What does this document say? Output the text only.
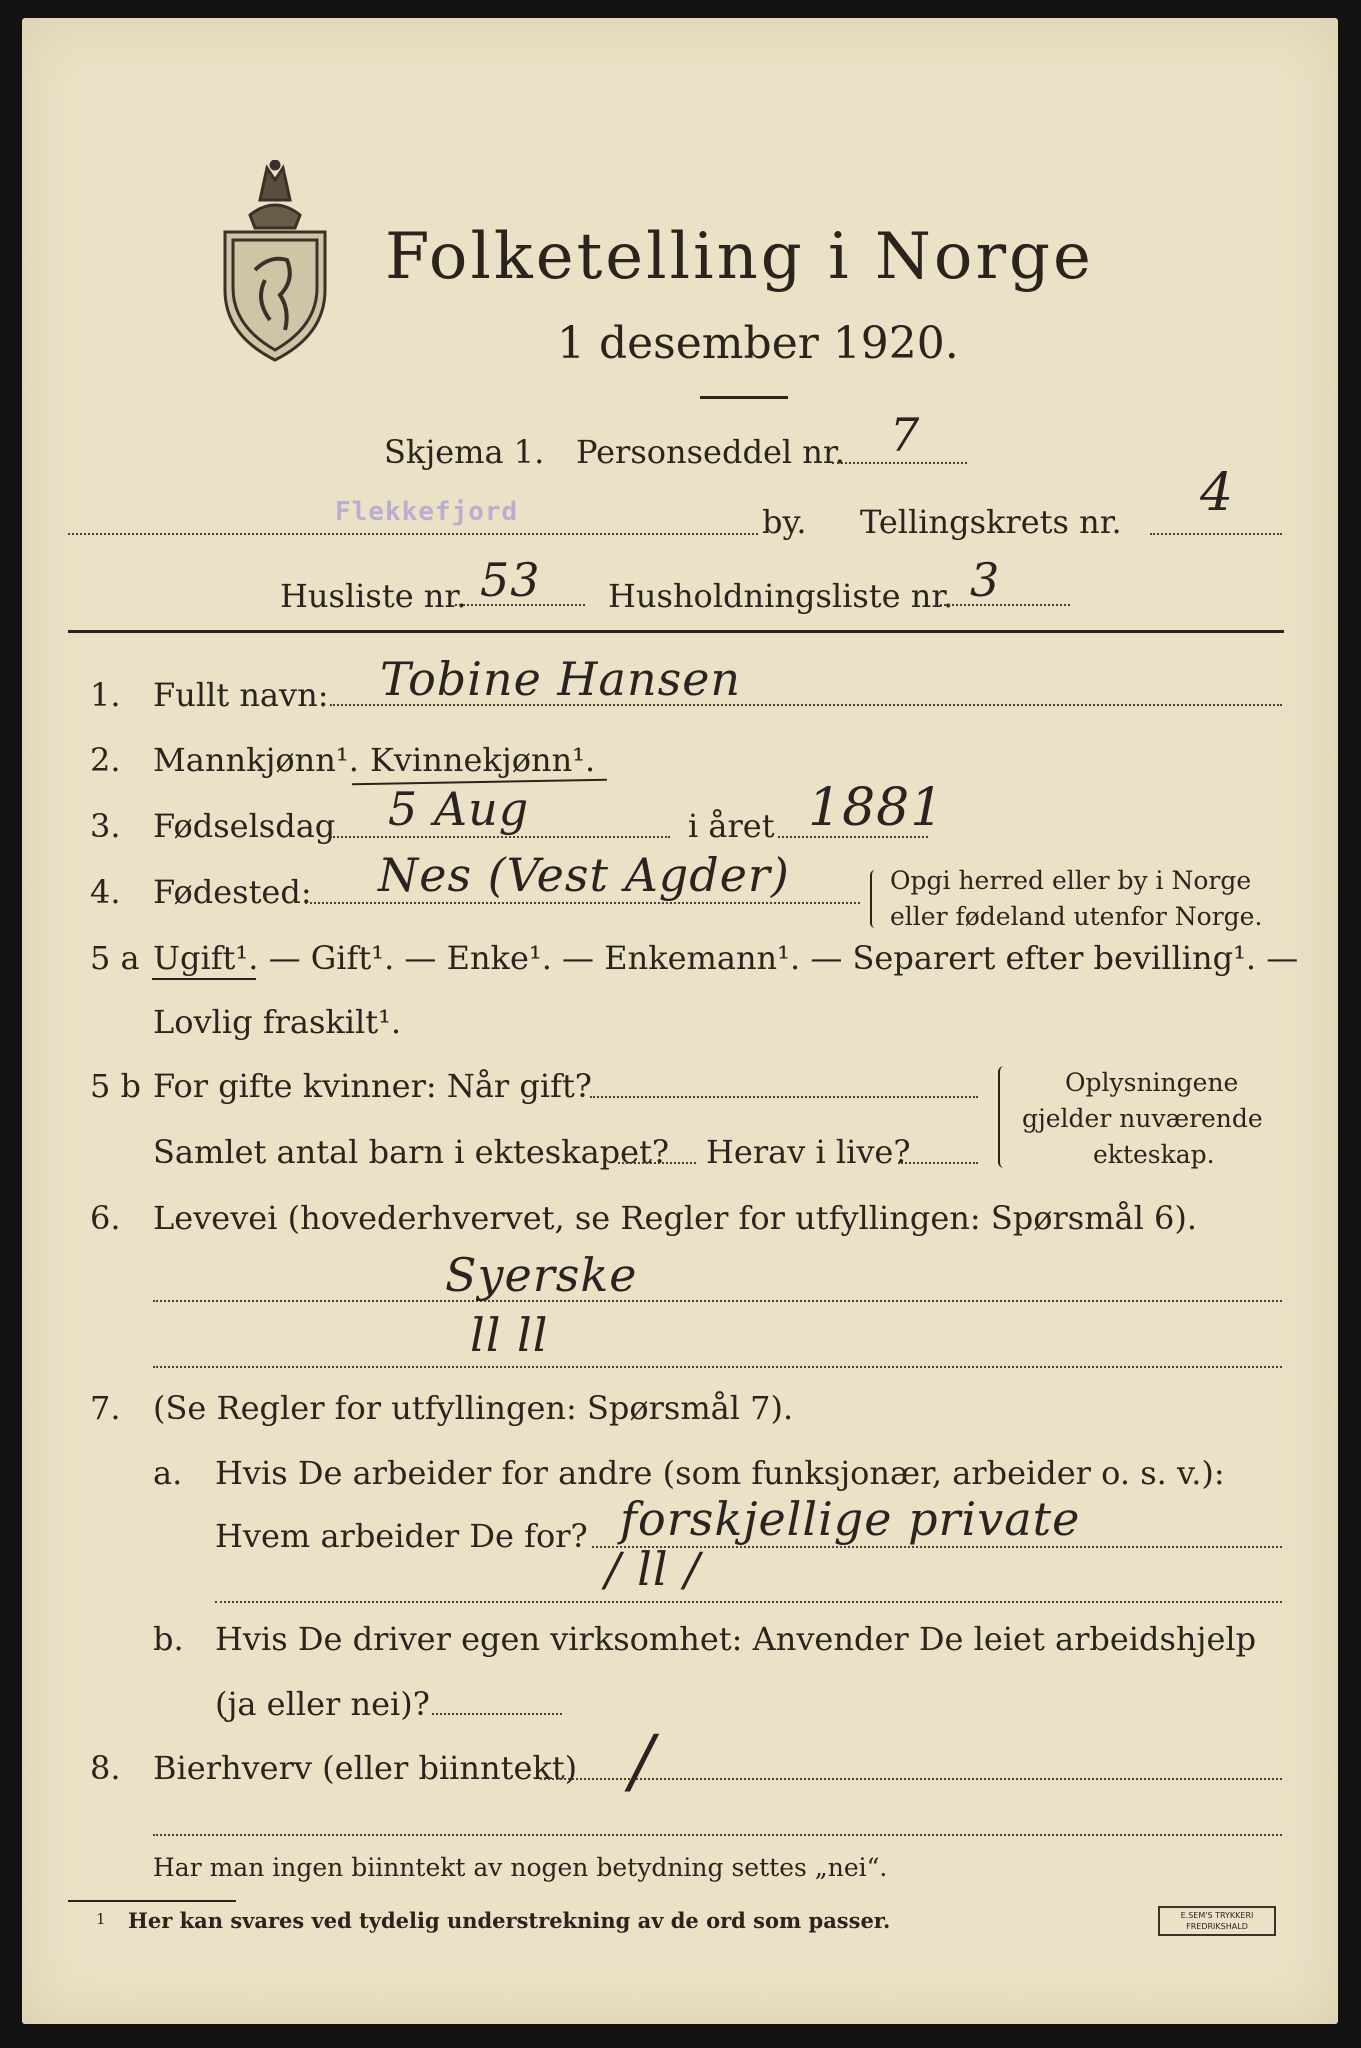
Folketelling i Norge
1 desember 1920.
Skjema 1. Personseddel nr. 7
Flekkefjord	by. Tellingskrets nr. 4
Husliste nr. 53 Husholdningsliste nr. 3
1. Fullt navn: Tobine Hansen
2. Mannkjønn¹. Kvinnekjønn¹.
3. Fødselsdag 5 Aug	i året 1881
4. Fødested: Nes (Vest Agder)	Opgi herred eller by i Norge
eller fødeland utenfor Norge.
5 a Ugift¹. — Gift¹. — Enke¹. — Enkemann¹. — Separert efter bevilling¹. —
Lovlig fraskilt¹.
5 b For gifte kvinner: Når gift?
Samlet antal barn i ekteskapet? Herav i live?
Oplysningene
gjelder nuværende
ekteskap.
6. Levevei (hovederhvervet, se Regler for utfyllingen: Spørsmål 6).
Syerske
ll ll
7. (Se Regler for utfyllingen: Spørsmål 7).
a. Hvis De arbeider for andre (som funksjonær, arbeider o. s. v.):
Hvem arbeider De for? forskjellige private
/ ll /
b. Hvis De driver egen virksomhet: Anvender De leiet arbeidshjelp
(ja eller nei)?
8. Bierhverv (eller biinntekt) /
Har man ingen biinntekt av nogen betydning settes „nei“.
1 Her kan svares ved tydelig understrekning av de ord som passer.	E.SEM'S TRYKKERI
FREDRIKSHALD
